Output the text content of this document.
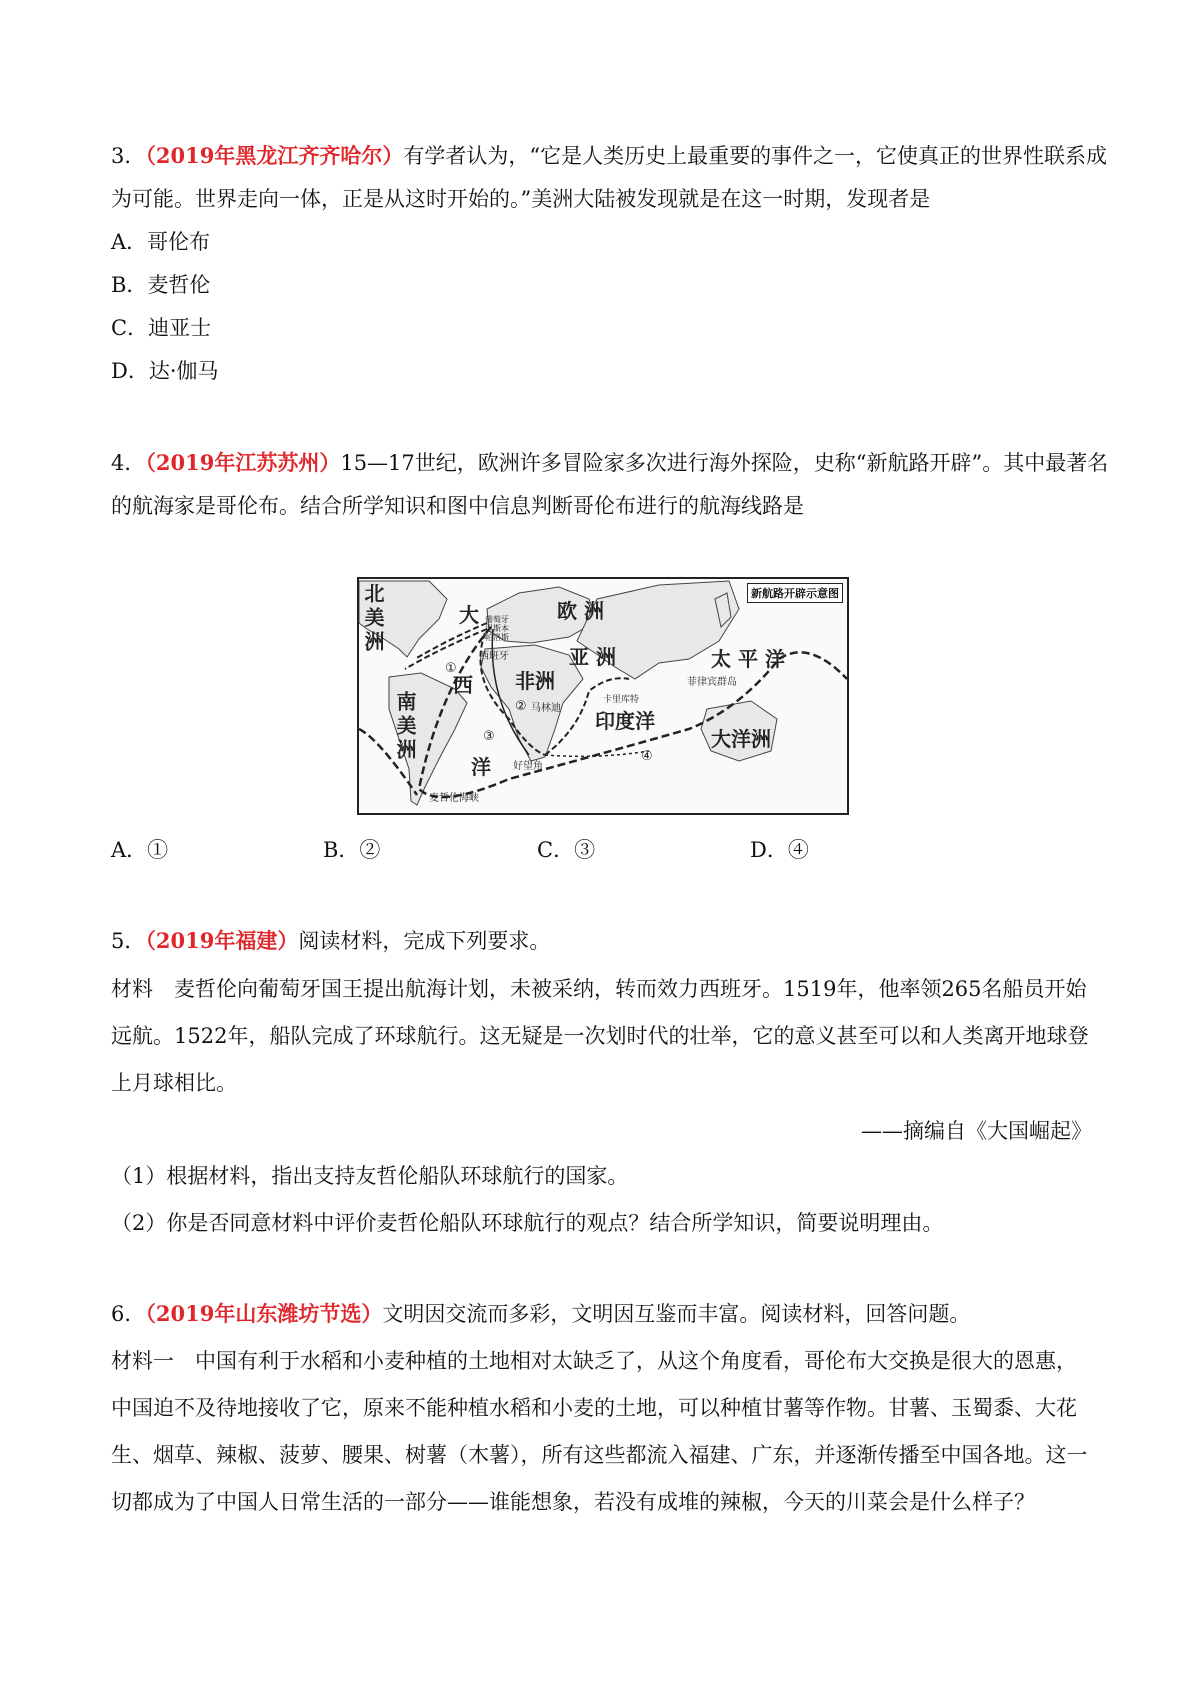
3．（2019年黑龙江齐齐哈尔）有学者认为，“它是人类历史上最重要的事件之一，它使真正的世界性联系成
为可能。世界走向一体，正是从这时开始的。”美洲大陆被发现就是在这一时期，发现者是
A．哥伦布
B．麦哲伦
C．迪亚士
D．达·伽马
4．（2019年江苏苏州）15—17世纪，欧洲许多冒险家多次进行海外探险，史称“新航路开辟”。其中最著名
的航海家是哥伦布。结合所学知识和图中信息判断哥伦布进行的航海线路是
新航路开辟示意图
北美洲	大
西
洋
欧 洲
亚 洲
非洲
南美洲	印度洋
太 平 洋
大洋洲
葡萄牙
里斯本
帕洛斯
西班牙
马林迪
卡里库特
菲律宾群岛
好望角
麦哲伦海峡
①
②
③
④
A．①	B．②	C．③	D．④
5．（2019年福建）阅读材料，完成下列要求。
材料　麦哲伦向葡萄牙国王提出航海计划，未被采纳，转而效力西班牙。1519年，他率领265名船员开始
远航。1522年，船队完成了环球航行。这无疑是一次划时代的壮举，它的意义甚至可以和人类离开地球登
上月球相比。
——摘编自《大国崛起》
（1）根据材料，指出支持友哲伦船队环球航行的国家。
（2）你是否同意材料中评价麦哲伦船队环球航行的观点？结合所学知识，简要说明理由。
6．（2019年山东潍坊节选）文明因交流而多彩，文明因互鉴而丰富。阅读材料，回答问题。
材料一　中国有利于水稻和小麦种植的土地相对太缺乏了，从这个角度看，哥伦布大交换是很大的恩惠，
中国迫不及待地接收了它，原来不能种植水稻和小麦的土地，可以种植甘薯等作物。甘薯、玉蜀黍、大花
生、烟草、辣椒、菠萝、腰果、树薯（木薯），所有这些都流入福建、广东，并逐渐传播至中国各地。这一
切都成为了中国人日常生活的一部分——谁能想象，若没有成堆的辣椒，今天的川菜会是什么样子？
